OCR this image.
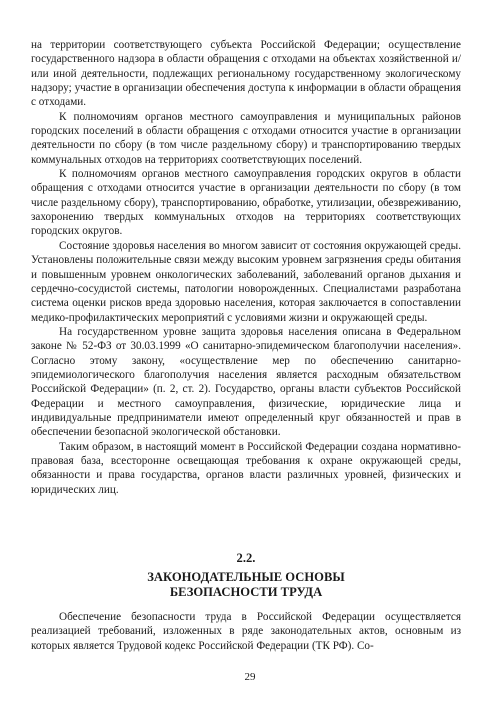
на территории соответствующего субъекта Российской Федерации; осуществление государственного надзора в области обращения с отходами на объектах хозяйственной и/или иной деятельности, подлежащих региональному государственному экологическому надзору; участие в организации обеспечения доступа к информации в области обращения с отходами.

К полномочиям органов местного самоуправления и муниципальных районов городских поселений в области обращения с отходами относится участие в организации деятельности по сбору (в том числе раздельному сбору) и транспортированию твердых коммунальных отходов на территориях соответствующих поселений.

К полномочиям органов местного самоуправления городских округов в области обращения с отходами относится участие в организации деятельности по сбору (в том числе раздельному сбору), транспортированию, обработке, утилизации, обезвреживанию, захоронению твердых коммунальных отходов на территориях соответствующих городских округов.

Состояние здоровья населения во многом зависит от состояния окружающей среды. Установлены положительные связи между высоким уровнем загрязнения среды обитания и повышенным уровнем онкологических заболеваний, заболеваний органов дыхания и сердечно-сосудистой системы, патологии новорожденных. Специалистами разработана система оценки рисков вреда здоровью населения, которая заключается в сопоставлении медико-профилактических мероприятий с условиями жизни и окружающей среды.

На государственном уровне защита здоровья населения описана в Федеральном законе № 52-ФЗ от 30.03.1999 «О санитарно-эпидемическом благополучии населения». Согласно этому закону, «осуществление мер по обеспечению санитарно-эпидемиологического благополучия населения является расходным обязательством Российской Федерации» (п. 2, ст. 2). Государство, органы власти субъектов Российской Федерации и местного самоуправления, физические, юридические лица и индивидуальные предприниматели имеют определенный круг обязанностей и прав в обеспечении безопасной экологической обстановки.

Таким образом, в настоящий момент в Российской Федерации создана нормативно-правовая база, всесторонне освещающая требования к охране окружающей среды, обязанности и права государства, органов власти различных уровней, физических и юридических лиц.

2.2.
ЗАКОНОДАТЕЛЬНЫЕ ОСНОВЫ
БЕЗОПАСНОСТИ ТРУДА

Обеспечение безопасности труда в Российской Федерации осуществляется реализацией требований, изложенных в ряде законодательных актов, основным из которых является Трудовой кодекс Российской Федерации (ТК РФ). Со-

29
